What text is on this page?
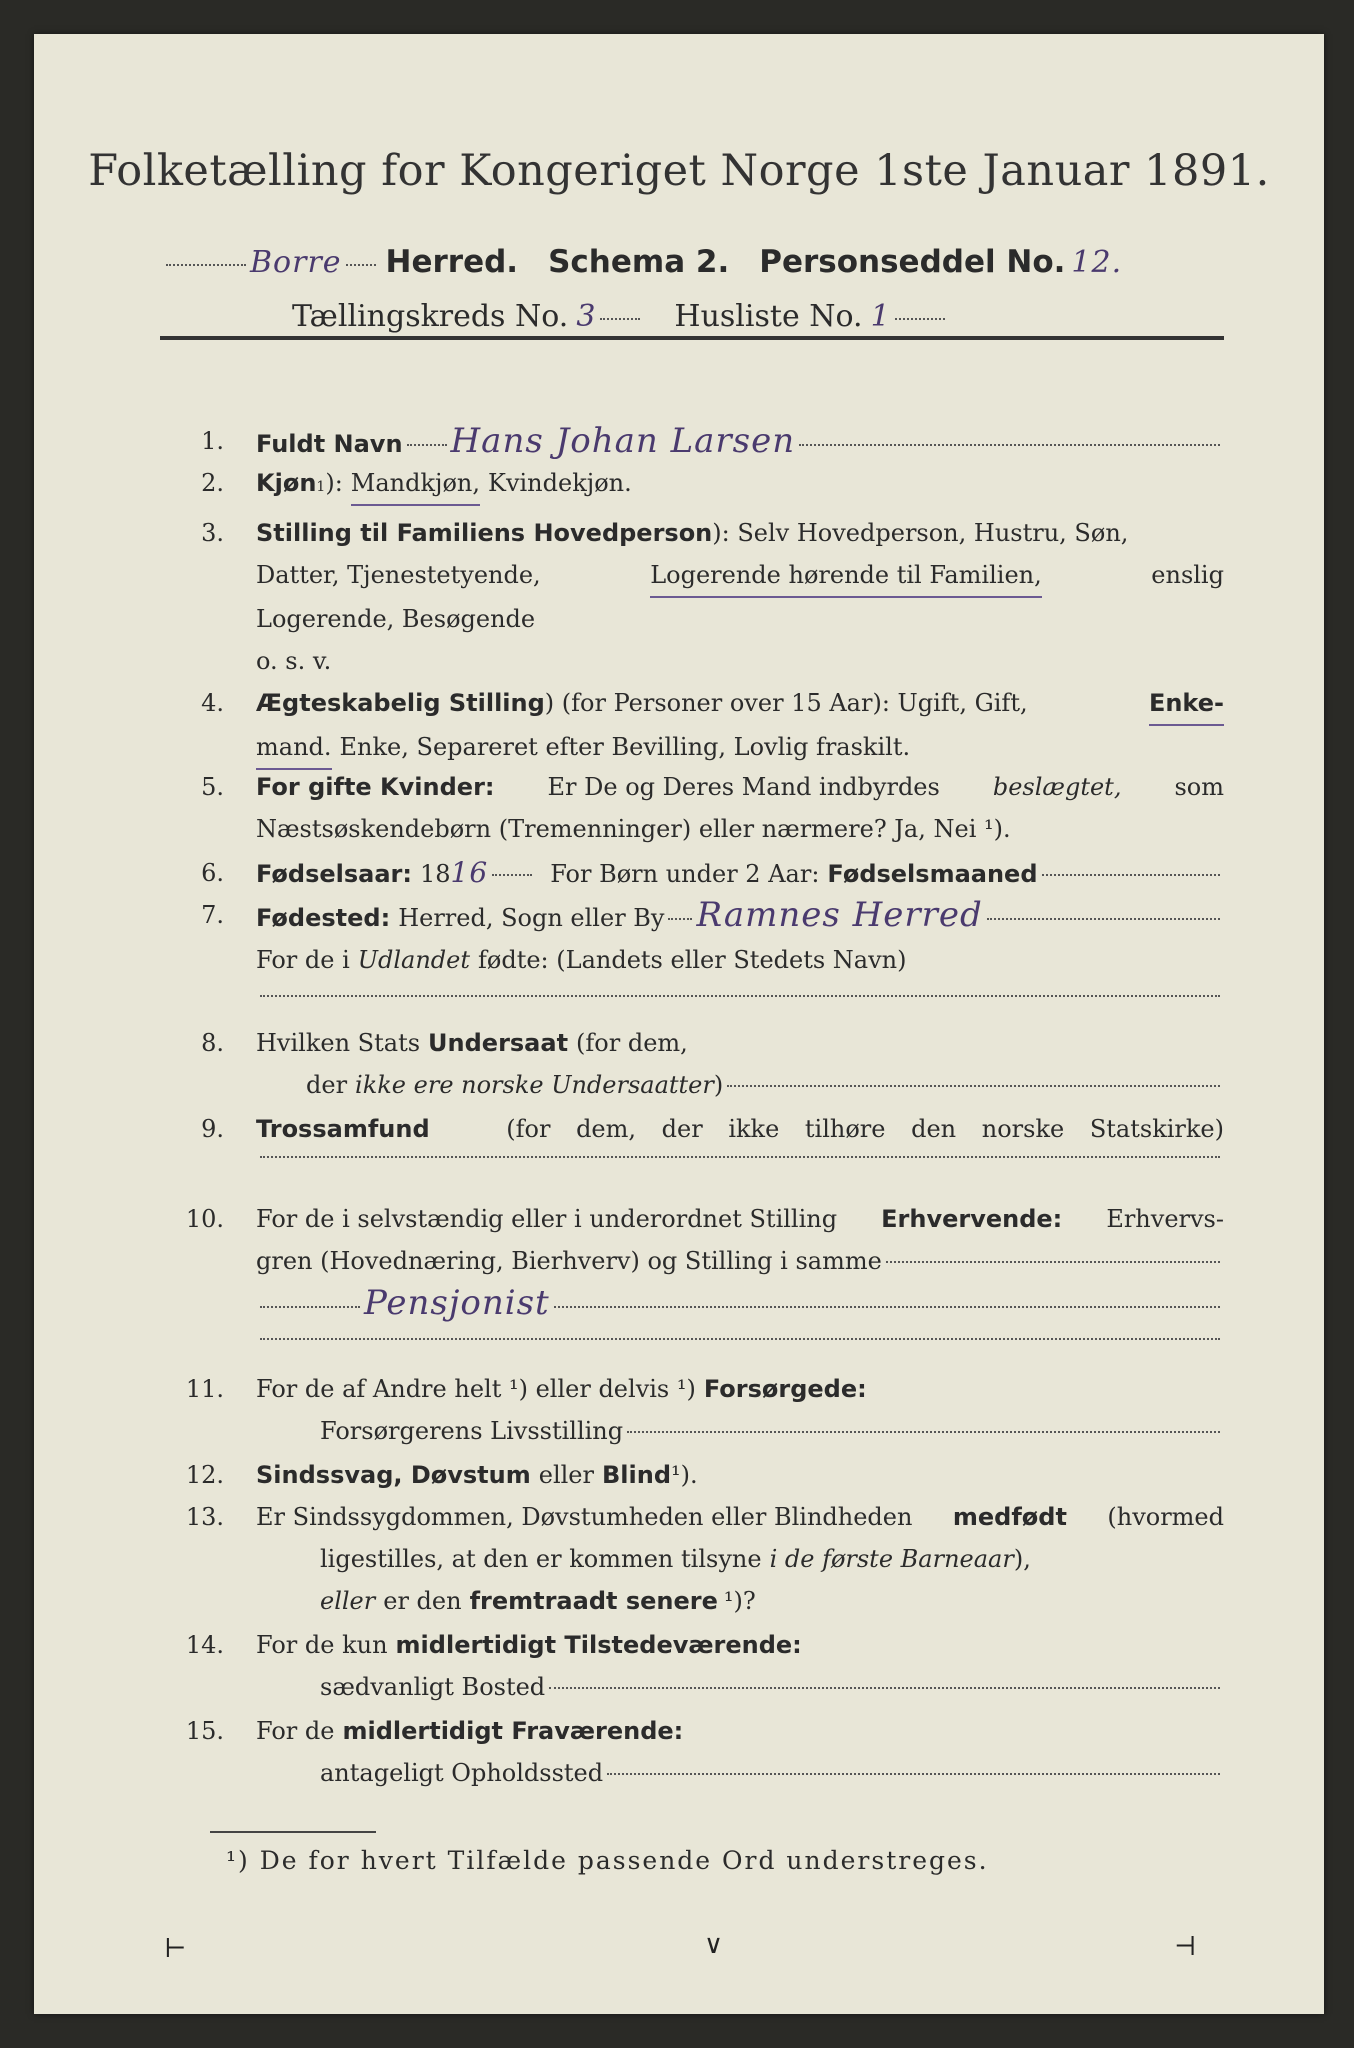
Folketælling for Kongeriget Norge 1ste Januar 1891.
Borre Herred. Schema 2. Personseddel No. 12.
Tællingskreds No. 3	Husliste No. 1
1. Fuldt Navn Hans Johan Larsen
2. Kjøn 1 ): Mandkjøn, Kvindekjøn.
3. Stilling til Familiens Hovedperson ): Selv Hovedperson, Hustru, Søn,
Datter, Tjenestetyende,	Logerende hørende til Familien,	enslig
Logerende, Besøgende
o. s. v.
4. Ægteskabelig Stilling) (for Personer over 15 Aar): Ugift, Gift,	Enke-
mand. Enke, Separeret efter Bevilling, Lovlig fraskilt.
5. For gifte Kvinder: Er De og Deres Mand indbyrdes beslægtet, som
Næstsøskendebørn (Tremenninger) eller nærmere? Ja, Nei ¹).
6. Fødselsaar: 18 16	For Børn under 2 Aar: Fødselsmaaned
7. Fødested: Herred, Sogn eller By Ramnes Herred
For de i Udlandet fødte: (Landets eller Stedets Navn)
8. Hvilken Stats Undersaat (for dem,
der ikke ere norske Undersaatter )
9. Trossamfund	(for dem, der ikke tilhøre den norske Statskirke)
10. For de i selvstændig eller i underordnet Stilling Erhvervende: Erhvervs-
gren (Hovednæring, Bierhverv) og Stilling i samme
Pensjonist
11. For de af Andre helt ¹) eller delvis ¹) Forsørgede:
Forsørgerens Livsstilling
12. Sindssvag, Døvstum eller Blind ¹).
13. Er Sindssygdommen, Døvstumheden eller Blindheden medfødt (hvormed
ligestilles, at den er kommen tilsyne i de første Barneaar ),
eller er den fremtraadt senere ¹)?
14. For de kun midlertidigt Tilstedeværende:
sædvanligt Bosted
15. For de midlertidigt Fraværende:
antageligt Opholdssted
¹) De for hvert Tilfælde passende Ord understreges.
⊢	∨	⊣
